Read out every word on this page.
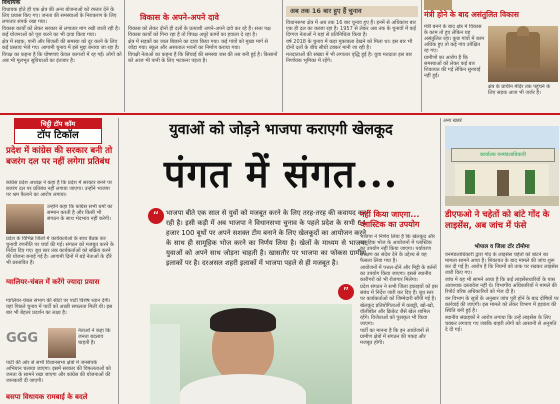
विधायक

विधायक होते ही एक क्षेत्र की अन्य योजनाओं को रफ्तार देने के लिए प्रयास किए गए। जनता की समस्याओं के निराकरण के लिए लगातार संपर्क रखा गया।

विकास कार्यों को लेकर सरकार से लगातार मांग रखी जाती रही है। कई योजनाओं को पूरा करने का भी दावा किया गया।

क्षेत्र में सड़क, पानी और बिजली की समस्या को दूर करने के लिए कई प्रस्ताव भेजे गए। आगामी चुनाव में इसे मुद्दा बनाया जा रहा है।

विपक्ष का कहना है कि घोषणाएं केवल कागजों में रह गईं। लोगों को अब भी मूलभूत सुविधाओं का इंतजार है।

विकास के अपने-अपने दावे

विकास को लेकर दोनों ही दलों के प्रत्याशी अपने-अपने दावे कर रहे हैं। सत्ता पक्ष विकास कार्यों को गिना रहा है तो विपक्ष अधूरे कामों का हवाला दे रहा है।

क्षेत्र में सड़कों का जाल बिछाने का दावा किया गया। कई गांवों को मुख्य मार्ग से जोड़ा गया। स्कूल और अस्पताल भवनों का निर्माण कराया गया।

विपक्षी नेताओं का कहना है कि सिंचाई की समस्या जस की तस बनी हुई है। किसानों को आज भी पानी के लिए भटकना पड़ता है।

अब तक 16 बार हुए हैं चुनाव

विधानसभा क्षेत्र में अब तक 16 बार चुनाव हुए हैं। इनमें से अधिकांश बार एक ही दल का कब्जा रहा है। 1957 से लेकर अब तक के चुनावों में कई दिग्गज नेताओं ने यहां से प्रतिनिधित्व किया है।

वर्ष 2018 के चुनाव में कड़ा मुकाबला देखने को मिला था। इस बार भी दोनों दलों के बीच सीधी टक्कर मानी जा रही है।

मतदाताओं की संख्या में भी लगातार वृद्धि हुई है। युवा मतदाता इस बार निर्णायक भूमिका में रहेंगे।

मंत्री होने के बाद असंतुलित विकास

मंत्री बनने के बाद क्षेत्र में विकास के काम तो हुए लेकिन यह असंतुलित रहा। कुछ गांवों में काम अधिक हुए तो कई गांव उपेक्षित रह गए।

ग्रामीणों का आरोप है कि समस्याओं को लेकर कई बार शिकायत की गई लेकिन सुनवाई नहीं हुई।

क्षेत्र के प्राचीन मंदिर तक पहुंचने के लिए सड़क आज भी जर्जर है।

चिट्ठी टॉप कॉम
टॉप टिकॉल
प्रदेश में कांग्रेस की सरकार बनी तो बजरंग दल पर नहीं लगेगा प्रतिबंध

कांग्रेस प्रदेश अध्यक्ष ने कहा है कि प्रदेश में सरकार बनने पर बजरंग दल पर प्रतिबंध नहीं लगाया जाएगा। उन्होंने भाजपा पर भ्रम फैलाने का आरोप लगाया।

उन्होंने कहा कि कांग्रेस सभी धर्मों का सम्मान करती है और किसी भी संगठन के साथ भेदभाव नहीं करेगी।

प्रदेश के विभिन्न जिलों में कार्यकर्ताओं के साथ बैठक कर चुनावी रणनीति पर चर्चा की गई। संगठन को मजबूत करने के निर्देश दिए गए। बूथ स्तर तक कार्यकर्ताओं को सक्रिय करने की योजना बनाई गई है। आगामी दिनों में बड़े नेताओं के दौरे भी प्रस्तावित हैं।

ग्वालियर-चंबल में करेंगे ज्यादा प्रयास

ग्वालियर-चंबल संभाग की सीटों पर पार्टी विशेष ध्यान देगी। यहां पिछले चुनाव में पार्टी को अच्छी सफलता मिली थी। इस बार भी बेहतर प्रदर्शन का लक्ष्य है।

GGG	नेताओं ने कहा कि जनता बदलाव चाहती है।

पार्टी की ओर से सभी विधानसभा क्षेत्रों में जनसंपर्क अभियान चलाया जाएगा। इसमें सरकार की विफलताओं को जनता के सामने रखा जाएगा और कांग्रेस की योजनाओं की जानकारी दी जाएगी।

बसपा विधायक रामबाई के बदले
युवाओं को जोड़ने भाजपा कराएगी खेलकूद
पंगत में संगत...
“	भाजपा बीते एक साल से युवों को मजबूत करने के लिए तरह-तरह की कवायद कर रही है। इसी कड़ी में अब भाजपा ने विधानसभा चुनाव के पहले प्रदेश के सभी 64 हजार 100 बूथों पर अपने सशक्त टीम बनाने के लिए खेलकूदों का आयोजन करने के साथ ही सामूहिक भोज करने का निर्णय लिया है। खेलों के माध्यम से भाजपा युवाओं को अपने साथ जोड़ना चाहती है। खासतौर पर भाजपा का फोकस ग्रामीण इलाकों पर है। दरअसल शहरी इलाकों में भाजपा पहले से ही मजबूत है।
”
नहीं किया जाएगा... प्लास्टिक का उपयोग

भाजपा ने निर्णय लिया है कि खेलकूद और सामूहिक भोज के आयोजनों में प्लास्टिक का उपयोग नहीं किया जाएगा। पर्यावरण संरक्षण का संदेश देने के उद्देश्य से यह फैसला लिया गया है।

आयोजनों में पत्तल-दोने और मिट्टी के बर्तनों का उपयोग किया जाएगा। इससे स्थानीय कारीगरों को भी रोजगार मिलेगा।

प्रदेश संगठन ने सभी जिला इकाइयों को इस संबंध में निर्देश जारी कर दिए हैं। बूथ स्तर पर कार्यकर्ताओं को जिम्मेदारी सौंपी गई है।

खेलकूद प्रतियोगिताओं में कबड्डी, खो-खो, वॉलीबॉल और क्रिकेट जैसे खेल शामिल रहेंगे। विजेताओं को पुरस्कृत भी किया जाएगा।

पार्टी का मानना है कि इन आयोजनों से ग्रामीण क्षेत्रों में संगठन की पकड़ और मजबूत होगी।

अन्य खबरें

कार्यालय वनमंडलाधिकारी
डीएफओ ने चहेतों को बांटे गोंद के लाइसेंस, अब जांच में फंसे
भोपाल व जिला टॉर टॉमोमा

वनमंडलाधिकारी द्वारा गोंद के लाइसेंस चहेतों को बांटने का मामला सामने आया है। शिकायत के बाद मामले की जांच शुरू कर दी गई है। आरोप है कि नियमों को ताक पर रखकर लाइसेंस जारी किए गए।

जांच में यह भी सामने आया है कि कई लाइसेंसधारियों के पास आवश्यक दस्तावेज नहीं थे। विभागीय अधिकारियों ने मामले की रिपोर्ट वरिष्ठ अधिकारियों को भेज दी है।

वन विभाग के सूत्रों के अनुसार जांच पूरी होने के बाद दोषियों पर कार्रवाई की जाएगी। इस मामले को लेकर विभाग में हड़कंप की स्थिति बनी हुई है।

स्थानीय संग्राहकों ने आरोप लगाया कि उन्हें लाइसेंस के लिए चक्कर लगवाए गए जबकि बाहरी लोगों को आसानी से अनुमति दे दी गई।
